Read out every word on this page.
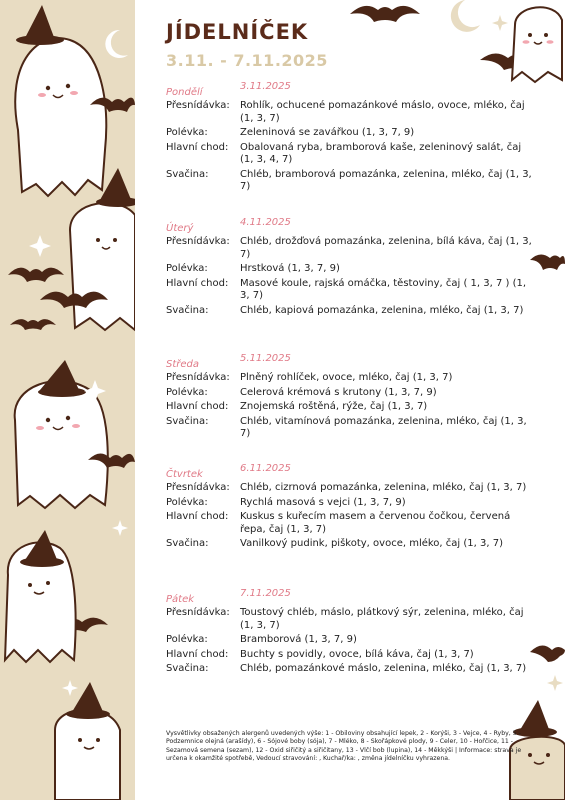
JÍDELNÍČEK
3.11. - 7.11.2025
Pondělí
3.11.2025
Přesnídávka:	Rohlík, ochucené pomazánkové máslo, ovoce, mléko, čaj (1, 3, 7)
Polévka:	Zeleninová se zavářkou (1, 3, 7, 9)
Hlavní chod:	Obalovaná ryba, bramborová kaše, zeleninový salát, čaj (1, 3, 4, 7)
Svačina:	Chléb, bramborová pomazánka, zelenina, mléko, čaj (1, 3, 7)
Úterý
4.11.2025
Přesnídávka:	Chléb, drožďová pomazánka, zelenina, bílá káva, čaj (1, 3, 7)
Polévka:	Hrstková (1, 3, 7, 9)
Hlavní chod:	Masové koule, rajská omáčka, těstoviny, čaj ( 1, 3, 7 ) (1, 3, 7)
Svačina:	Chléb, kapiová pomazánka, zelenina, mléko, čaj (1, 3, 7)
Středa
5.11.2025
Přesnídávka:	Plněný rohlíček, ovoce, mléko, čaj (1, 3, 7)
Polévka:	Celerová krémová s krutony (1, 3, 7, 9)
Hlavní chod:	Znojemská roštěná, rýže, čaj (1, 3, 7)
Svačina:	Chléb, vitamínová pomazánka, zelenina, mléko, čaj (1, 3, 7)
Čtvrtek
6.11.2025
Přesnídávka:	Chléb, cizrnová pomazánka, zelenina, mléko, čaj (1, 3, 7)
Polévka:	Rychlá masová s vejci (1, 3, 7, 9)
Hlavní chod:	Kuskus s kuřecím masem a červenou čočkou, červená řepa, čaj (1, 3, 7)
Svačina:	Vanilkový pudink, piškoty, ovoce, mléko, čaj (1, 3, 7)
Pátek
7.11.2025
Přesnídávka:	Toustový chléb, máslo, plátkový sýr, zelenina, mléko, čaj (1, 3, 7)
Polévka:	Bramborová (1, 3, 7, 9)
Hlavní chod:	Buchty s povidly, ovoce, bílá káva, čaj (1, 3, 7)
Svačina:	Chléb, pomazánkové máslo, zelenina, mléko, čaj (1, 3, 7)
Vysvětlivky obsažených alergenů uvedených výše: 1 - Obiloviny obsahující lepek, 2 - Korýši, 3 - Vejce, 4 - Ryby, 5 - Podzemnice olejná (arašídy), 6 - Sójové boby (sója), 7 - Mléko, 8 - Skořápkové plody, 9 - Celer, 10 - Hořčice, 11 - Sezamová semena (sezam), 12 - Oxid siřičitý a siřičitany, 13 - Vlčí bob (lupina), 14 - Měkkýši | Informace: strava je určena k okamžité spotřebě, Vedoucí stravování: , Kuchař/ka: , změna jídelníčku vyhrazena.
